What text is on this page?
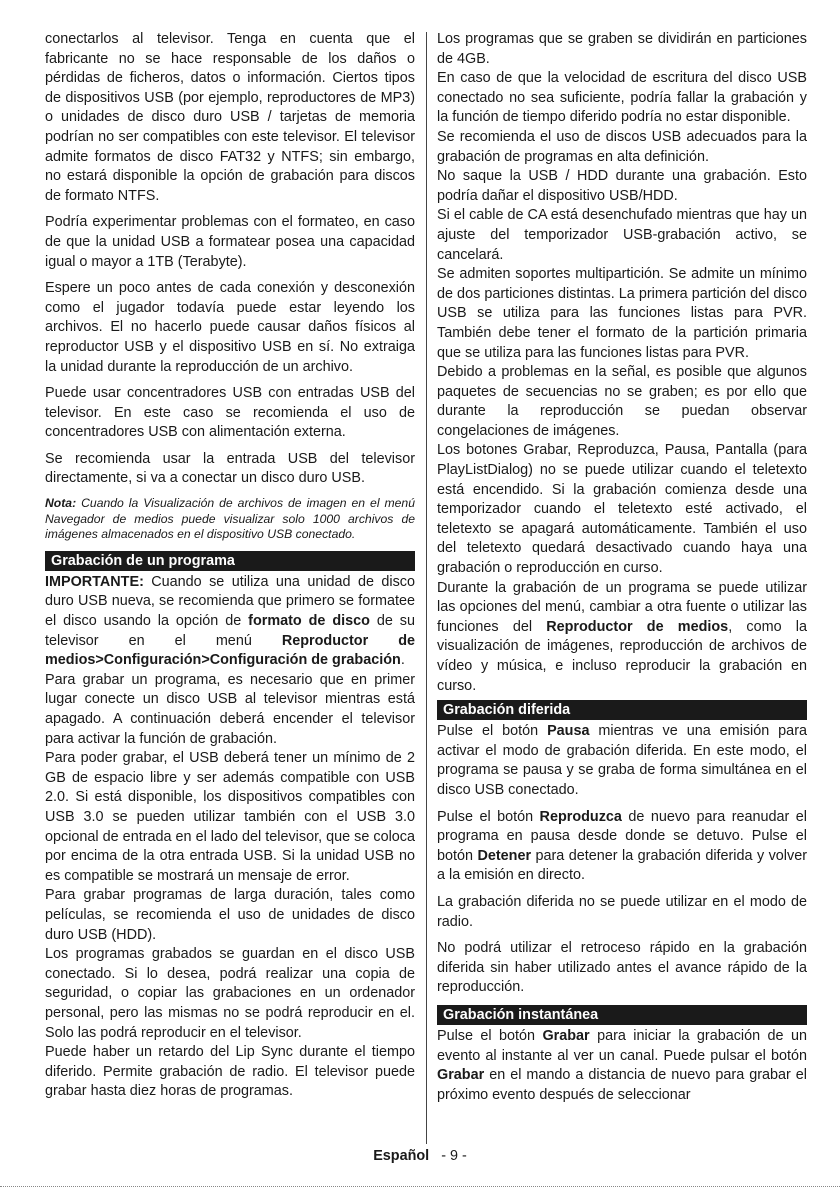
conectarlos al televisor. Tenga en cuenta que el fabricante no se hace responsable de los daños o pérdidas de ficheros, datos o información. Ciertos tipos de dispositivos USB (por ejemplo, reproductores de MP3) o unidades de disco duro USB / tarjetas de memoria podrían no ser compatibles con este televisor. El televisor admite formatos de disco FAT32 y NTFS; sin embargo, no estará disponible la opción de grabación para discos de formato NTFS.

Podría experimentar problemas con el formateo, en caso de que la unidad USB a formatear posea una capacidad igual o mayor a 1TB (Terabyte).

Espere un poco antes de cada conexión y desconexión como el jugador todavía puede estar leyendo los archivos. El no hacerlo puede causar daños físicos al reproductor USB y el dispositivo USB en sí. No extraiga la unidad durante la reproducción de un archivo.

Puede usar concentradores USB con entradas USB del televisor. En este caso se recomienda el uso de concentradores USB con alimentación externa.

Se recomienda usar la entrada USB del televisor directamente, si va a conectar un disco duro USB.

Nota: Cuando la Visualización de archivos de imagen en el menú Navegador de medios puede visualizar solo 1000 archivos de imágenes almacenados en el dispositivo USB conectado.

Grabación de un programa

IMPORTANTE: Cuando se utiliza una unidad de disco duro USB nueva, se recomienda que primero se formatee el disco usando la opción de formato de disco de su televisor en el menú Reproductor de medios>Configuración>Configuración de grabación.

Para grabar un programa, es necesario que en primer lugar conecte un disco USB al televisor mientras está apagado. A continuación deberá encender el televisor para activar la función de grabación.

Para poder grabar, el USB deberá tener un mínimo de 2 GB de espacio libre y ser además compatible con USB 2.0. Si está disponible, los dispositivos compatibles con USB 3.0 se pueden utilizar también con el USB 3.0 opcional de entrada en el lado del televisor, que se coloca por encima de la otra entrada USB. Si la unidad USB no es compatible se mostrará un mensaje de error.

Para grabar programas de larga duración, tales como películas, se recomienda el uso de unidades de disco duro USB (HDD).

Los programas grabados se guardan en el disco USB conectado. Si lo desea, podrá realizar una copia de seguridad, o copiar las grabaciones en un ordenador personal, pero las mismas no se podrá reproducir en el. Solo las podrá reproducir en el televisor.

Puede haber un retardo del Lip Sync durante el tiempo diferido. Permite grabación de radio. El televisor puede grabar hasta diez horas de programas.

Los programas que se graben se dividirán en particiones de 4GB.

En caso de que la velocidad de escritura del disco USB conectado no sea suficiente, podría fallar la grabación y la función de tiempo diferido podría no estar disponible.

Se recomienda el uso de discos USB adecuados para la grabación de programas en alta definición.

No saque la USB / HDD durante una grabación. Esto podría dañar el dispositivo USB/HDD.

Si el cable de CA está desenchufado mientras que hay un ajuste del temporizador USB-grabación activo, se cancelará.

Se admiten soportes multipartición. Se admite un mínimo de dos particiones distintas. La primera partición del disco USB se utiliza para las funciones listas para PVR. También debe tener el formato de la partición primaria que se utiliza para las funciones listas para PVR.

Debido a problemas en la señal, es posible que algunos paquetes de secuencias no se graben; es por ello que durante la reproducción se puedan observar congelaciones de imágenes.

Los botones Grabar, Reproduzca, Pausa, Pantalla (para PlayListDialog) no se puede utilizar cuando el teletexto está encendido. Si la grabación comienza desde una temporizador cuando el teletexto esté activado, el teletexto se apagará automáticamente. También el uso del teletexto quedará desactivado cuando haya una grabación o reproducción en curso.

Durante la grabación de un programa se puede utilizar las opciones del menú, cambiar a otra fuente o utilizar las funciones del Reproductor de medios, como la visualización de imágenes, reproducción de archivos de vídeo y música, e incluso reproducir la grabación en curso.

Grabación diferida

Pulse el botón Pausa mientras ve una emisión para activar el modo de grabación diferida. En este modo, el programa se pausa y se graba de forma simultánea en el disco USB conectado.

Pulse el botón Reproduzca de nuevo para reanudar el programa en pausa desde donde se detuvo. Pulse el botón Detener para detener la grabación diferida y volver a la emisión en directo.

La grabación diferida no se puede utilizar en el modo de radio.

No podrá utilizar el retroceso rápido en la grabación diferida sin haber utilizado antes el avance rápido de la reproducción.

Grabación instantánea

Pulse el botón Grabar para iniciar la grabación de un evento al instante al ver un canal. Puede pulsar el botón Grabar en el mando a distancia de nuevo para grabar el próximo evento después de seleccionar

Español - 9 -
